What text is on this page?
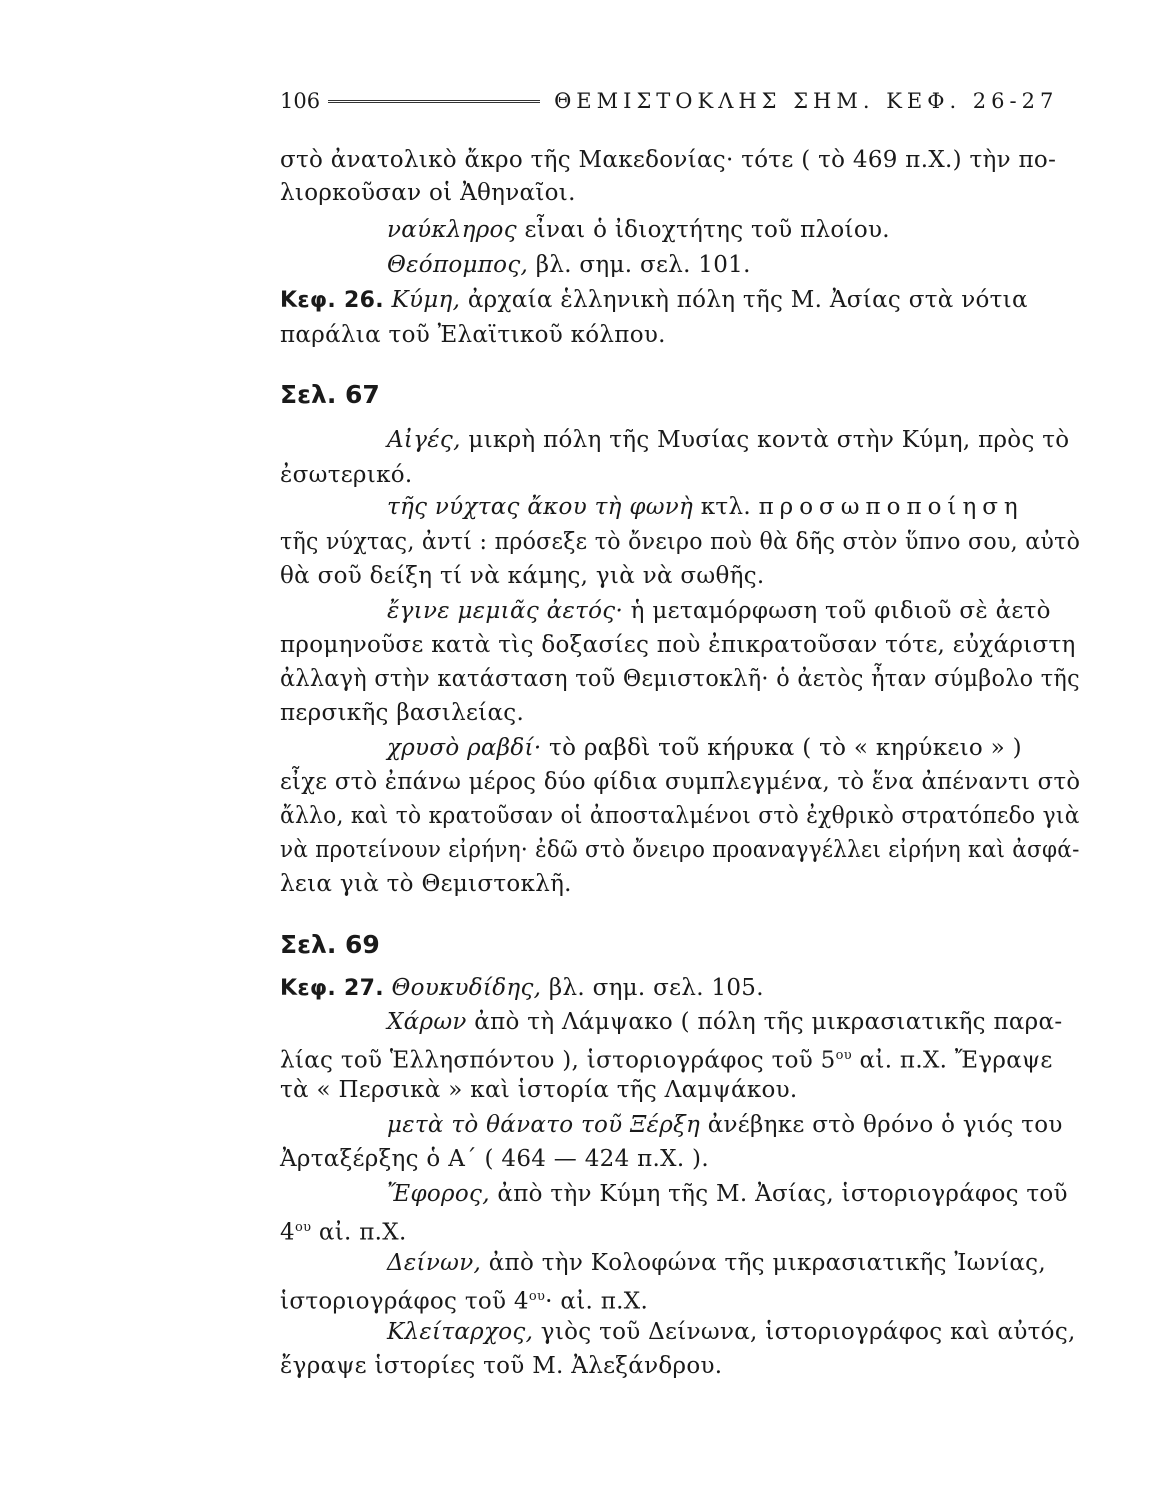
106	ΘΕΜΙΣΤΟΚΛΗΣ ΣΗΜ. ΚΕΦ. 26-27
στὸ ἀνατολικὸ ἄκρο τῆς Μακεδονίας· τότε ( τὸ 469 π.Χ.) τὴν πο-
λιορκοῦσαν οἱ Ἀθηναῖοι.
ναύκληρος εἶναι ὁ ἰδιοχτήτης τοῦ πλοίου.
Θεόπομπος, βλ. σημ. σελ. 101.
Κεφ. 26. Κύμη, ἀρχαία ἑλληνικὴ πόλη τῆς Μ. Ἀσίας στὰ νότια
παράλια τοῦ Ἐλαϊτικοῦ κόλπου.
Σελ. 67
Αἰγές, μικρὴ πόλη τῆς Μυσίας κοντὰ στὴν Κύμη, πρὸς τὸ
ἐσωτερικό.
τῆς νύχτας ἄκου τὴ φωνὴ κτλ. προσωποποίηση
τῆς νύχτας, ἀντί : πρόσεξε τὸ ὄνειρο ποὺ θὰ δῆς στὸν ὕπνο σου, αὐτὸ
θὰ σοῦ δείξη τί νὰ κάμης, γιὰ νὰ σωθῆς.
ἔγινε μεμιᾶς ἀετός· ἡ μεταμόρφωση τοῦ φιδιοῦ σὲ ἀετὸ
προμηνοῦσε κατὰ τὶς δοξασίες ποὺ ἐπικρατοῦσαν τότε, εὐχάριστη
ἀλλαγὴ στὴν κατάσταση τοῦ Θεμιστοκλῆ· ὁ ἀετὸς ἦταν σύμβολο τῆς
περσικῆς βασιλείας.
χρυσὸ ραβδί· τὸ ραβδὶ τοῦ κήρυκα ( τὸ « κηρύκειο » )
εἶχε στὸ ἐπάνω μέρος δύο φίδια συμπλεγμένα, τὸ ἕνα ἀπέναντι στὸ
ἄλλο, καὶ τὸ κρατοῦσαν οἱ ἀποσταλμένοι στὸ ἐχθρικὸ στρατόπεδο γιὰ
νὰ προτείνουν εἰρήνη· ἐδῶ στὸ ὄνειρο προαναγγέλλει εἰρήνη καὶ ἀσφά-
λεια γιὰ τὸ Θεμιστοκλῆ.
Σελ. 69
Κεφ. 27. Θουκυδίδης, βλ. σημ. σελ. 105.
Χάρων ἀπὸ τὴ Λάμψακο ( πόλη τῆς μικρασιατικῆς παρα-
λίας τοῦ Ἑλλησπόντου ), ἱστοριογράφος τοῦ $5^{o\upsilon}$ αἰ. π.Χ. Ἔγραψε
τὰ « Περσικὰ » καὶ ἱστορία τῆς Λαμψάκου.
μετὰ τὸ θάνατο τοῦ Ξέρξη ἀνέβηκε στὸ θρόνο ὁ γιός του
Ἀρταξέρξης ὁ Α΄ ( 464 — 424 π.Χ. ).
Ἔφορος, ἀπὸ τὴν Κύμη τῆς Μ. Ἀσίας, ἱστοριογράφος τοῦ
$4^{o\upsilon}$ αἰ. π.Χ.
Δείνων, ἀπὸ τὴν Κολοφώνα τῆς μικρασιατικῆς Ἰωνίας,
ἱστοριογράφος τοῦ $4^{o\upsilon}\cdot$ αἰ. π.Χ.
Κλείταρχος, γιὸς τοῦ Δείνωνα, ἱστοριογράφος καὶ αὐτός,
ἔγραψε ἱστορίες τοῦ Μ. Ἀλεξάνδρου.
